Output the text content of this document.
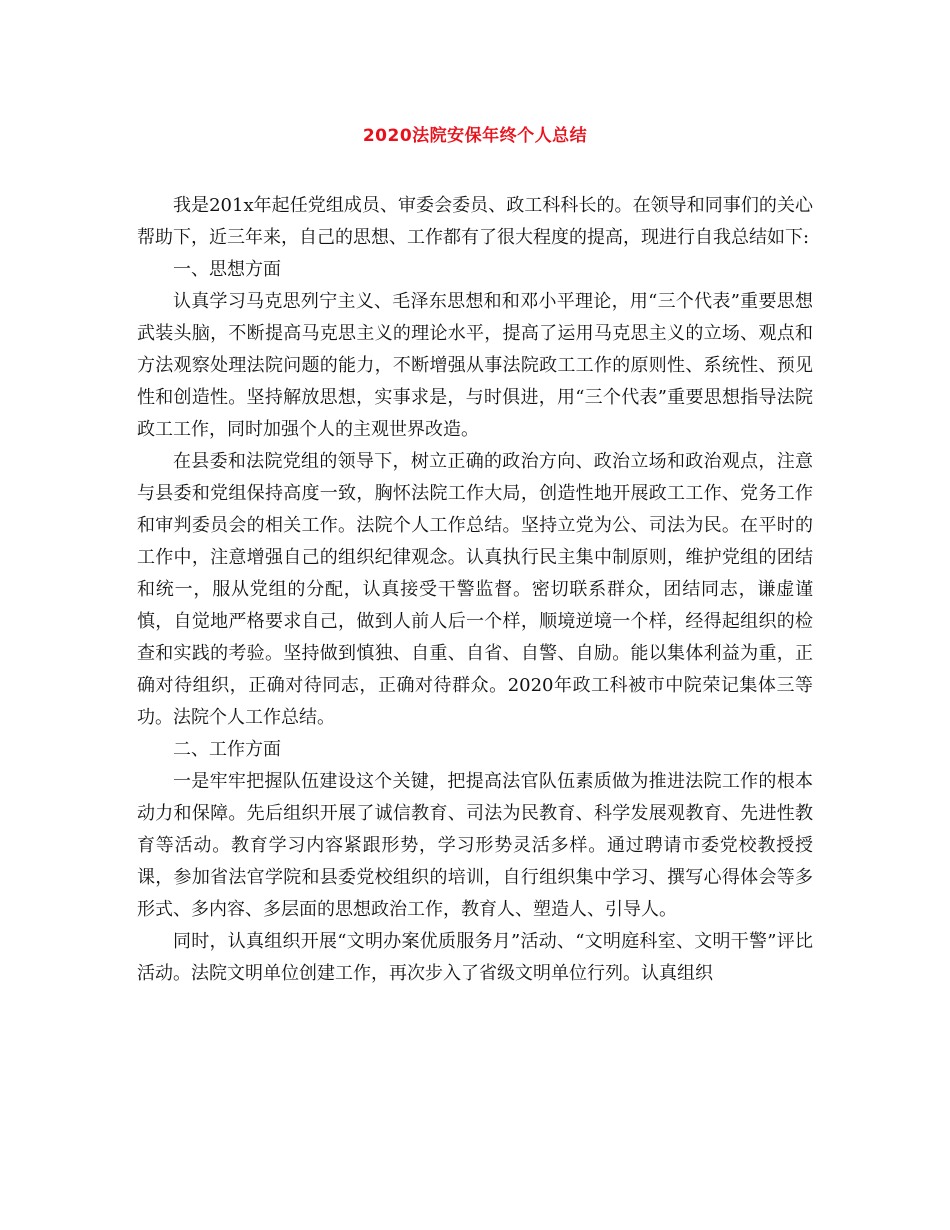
2020法院安保年终个人总结

我是201x年起任党组成员、审委会委员、政工科科长的。在领导和同事们的关心帮助下，近三年来，自己的思想、工作都有了很大程度的提高，现进行自我总结如下:

一、思想方面

认真学习马克思列宁主义、毛泽东思想和和邓小平理论，用“三个代表”重要思想武装头脑，不断提高马克思主义的理论水平，提高了运用马克思主义的立场、观点和方法观察处理法院问题的能力，不断增强从事法院政工工作的原则性、系统性、预见性和创造性。坚持解放思想，实事求是，与时俱进，用“三个代表”重要思想指导法院政工工作，同时加强个人的主观世界改造。

在县委和法院党组的领导下，树立正确的政治方向、政治立场和政治观点，注意与县委和党组保持高度一致，胸怀法院工作大局，创造性地开展政工工作、党务工作和审判委员会的相关工作。法院个人工作总结。坚持立党为公、司法为民。在平时的工作中，注意增强自己的组织纪律观念。认真执行民主集中制原则，维护党组的团结和统一，服从党组的分配，认真接受干警监督。密切联系群众，团结同志，谦虚谨慎，自觉地严格要求自己，做到人前人后一个样，顺境逆境一个样，经得起组织的检查和实践的考验。坚持做到慎独、自重、自省、自警、自励。能以集体利益为重，正确对待组织，正确对待同志，正确对待群众。2020年政工科被市中院荣记集体三等功。法院个人工作总结。

二、工作方面

一是牢牢把握队伍建设这个关键，把提高法官队伍素质做为推进法院工作的根本动力和保障。先后组织开展了诚信教育、司法为民教育、科学发展观教育、先进性教育等活动。教育学习内容紧跟形势，学习形势灵活多样。通过聘请市委党校教授授课，参加省法官学院和县委党校组织的培训，自行组织集中学习、撰写心得体会等多形式、多内容、多层面的思想政治工作，教育人、塑造人、引导人。

同时，认真组织开展“文明办案优质服务月”活动、“文明庭科室、文明干警”评比活动。法院文明单位创建工作，再次步入了省级文明单位行列。认真组织
